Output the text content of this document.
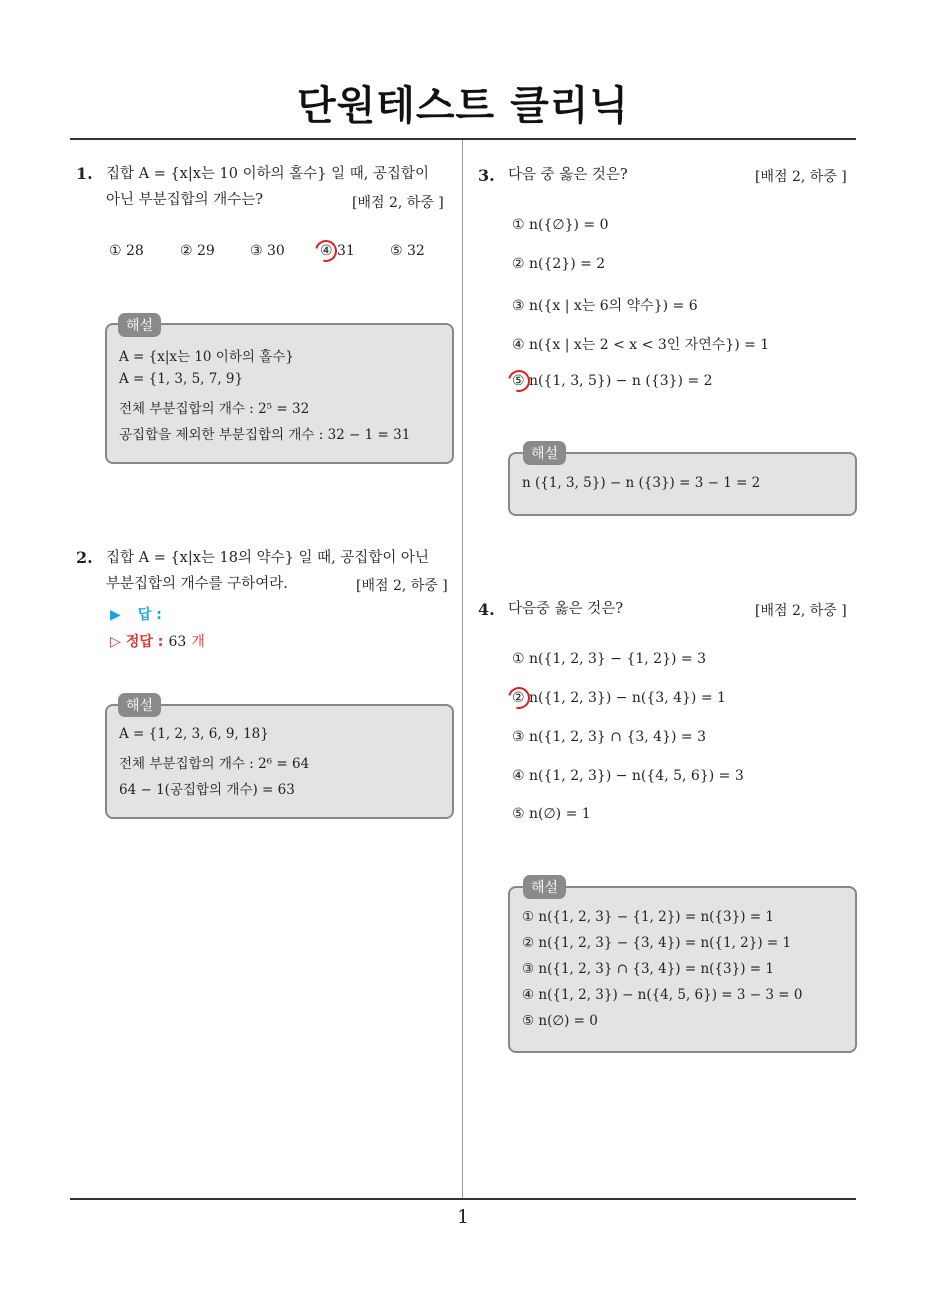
단원테스트 클리닉
1
1. 집합 A = {x|x는 10 이하의 홀수} 일 때, 공집합이
아닌 부분집합의 개수는?	[배점 2, 하중 ]
① 28	② 29	③ 30	④ 31	⑤ 32
A = {x|x는 10 이하의 홀수}
A = {1, 3, 5, 7, 9}
전체 부분집합의 개수 : 2⁵ = 32
공집합을 제외한 부분집합의 개수 : 32 − 1 = 31
해설
2. 집합 A = {x|x는 18의 약수} 일 때, 공집합이 아닌
부분집합의 개수를 구하여라.	[배점 2, 하중 ]
▶ 답 :
▷ 정답 : 63 개
A = {1, 2, 3, 6, 9, 18}
전체 부분집합의 개수 : 2⁶ = 64
64 − 1(공집합의 개수) = 63
해설
3. 다음 중 옳은 것은?	[배점 2, 하중 ]
① n({∅}) = 0
② n({2}) = 2
③ n({x | x는 6의 약수}) = 6
④ n({x | x는 2 < x < 3인 자연수}) = 1
⑤ n({1, 3, 5}) − n ({3}) = 2
n ({1, 3, 5}) − n ({3}) = 3 − 1 = 2
해설
4. 다음중 옳은 것은?	[배점 2, 하중 ]
① n({1, 2, 3} − {1, 2}) = 3
② n({1, 2, 3}) − n({3, 4}) = 1
③ n({1, 2, 3} ∩ {3, 4}) = 3
④ n({1, 2, 3}) − n({4, 5, 6}) = 3
⑤ n(∅) = 1
① n({1, 2, 3} − {1, 2}) = n({3}) = 1
② n({1, 2, 3} − {3, 4}) = n({1, 2}) = 1
③ n({1, 2, 3} ∩ {3, 4}) = n({3}) = 1
④ n({1, 2, 3}) − n({4, 5, 6}) = 3 − 3 = 0
⑤ n(∅) = 0
해설
